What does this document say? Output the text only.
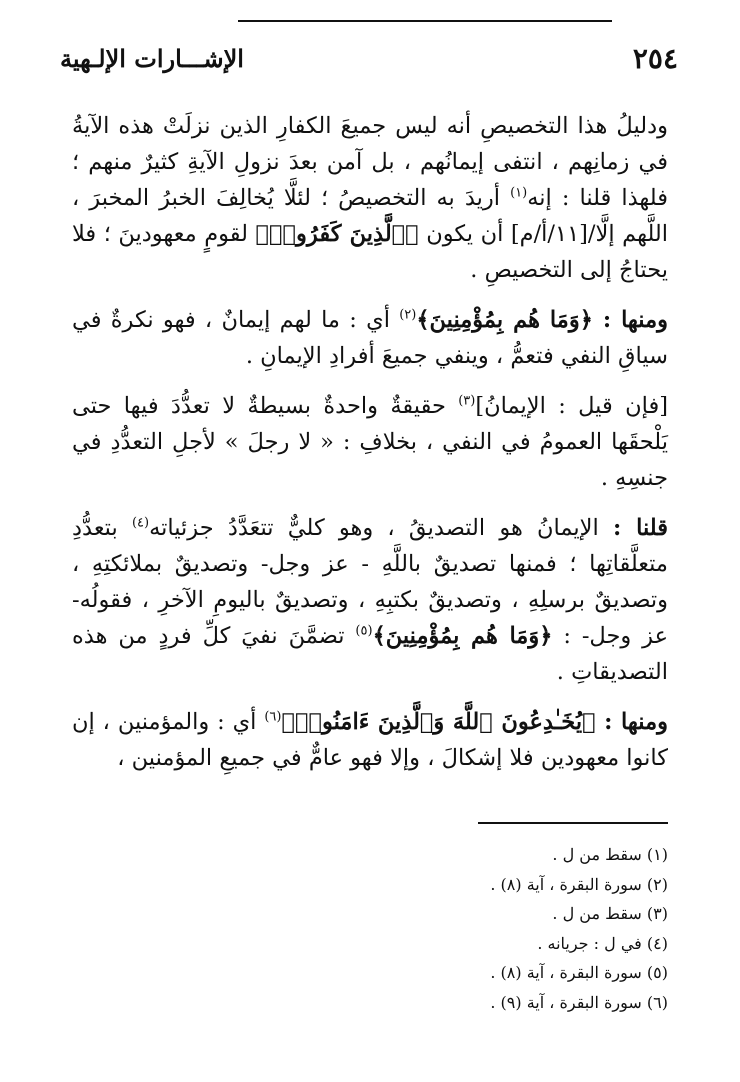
٢٥٤
الإشـــارات الإلـهية

ودليلُ هذا التخصيصِ أنه ليس جميعَ الكفارِ الذين نزلَتْ هذه الآيةُ في زمانِهم ، انتفى إيمانُهم ، بل آمن بعدَ نزولِ الآيةِ كثيرٌ منهم ؛ فلهذا قلنا : إنه$^{(١)}$ أريدَ به التخصيصُ ؛ لئلَّا يُخالِفَ الخبرُ المخبرَ ، اللَّهم إلَّا/[١١/أ/م] أن يكون ﴿ٱلَّذِينَ كَفَرُوا۟﴾ لقومٍ معهودينَ ؛ فلا يحتاجُ إلى التخصيصِ .

ومنها : ﴿وَمَا هُم بِمُؤْمِنِينَ﴾$^{(٢)}$ أي : ما لهم إيمانٌ ، فهو نكرةٌ في سياقِ النفي فتعمُّ ، وينفي جميعَ أفرادِ الإيمانِ .

[فإن قيل : الإيمانُ]$^{(٣)}$ حقيقةٌ واحدةٌ بسيطةٌ لا تعدُّدَ فيها حتى يَلْحقَها العمومُ في النفي ، بخلافِ : « لا رجلَ » لأجلِ التعدُّدِ في جنسِهِ .

قلنا : الإيمانُ هو التصديقُ ، وهو كليٌّ تتعَدَّدُ جزئياته$^{(٤)}$ بتعدُّدِ متعلَّقاتِها ؛ فمنها تصديقٌ باللَّهِ - عز وجل- وتصديقٌ بملائكتِهِ ، وتصديقٌ برسلِهِ ، وتصديقٌ بكتبِهِ ، وتصديقٌ باليومِ الآخرِ ، فقولُه- عز وجل- : ﴿وَمَا هُم بِمُؤْمِنِينَ﴾$^{(٥)}$ تضمَّنَ نفيَ كلِّ فردٍ من هذه التصديقاتِ .

ومنها : ﴿يُخَـٰدِعُونَ ٱللَّهَ وَٱلَّذِينَ ءَامَنُوا۟﴾$^{(٦)}$ أي : والمؤمنين ، إن كانوا معهودين فلا إشكالَ ، وإلا فهو عامٌّ في جميعِ المؤمنين ،

(١) سقط من ل .
(٢) سورة البقرة ، آية (٨) .
(٣) سقط من ل .
(٤) في ل : جريانه .
(٥) سورة البقرة ، آية (٨) .
(٦) سورة البقرة ، آية (٩) .
